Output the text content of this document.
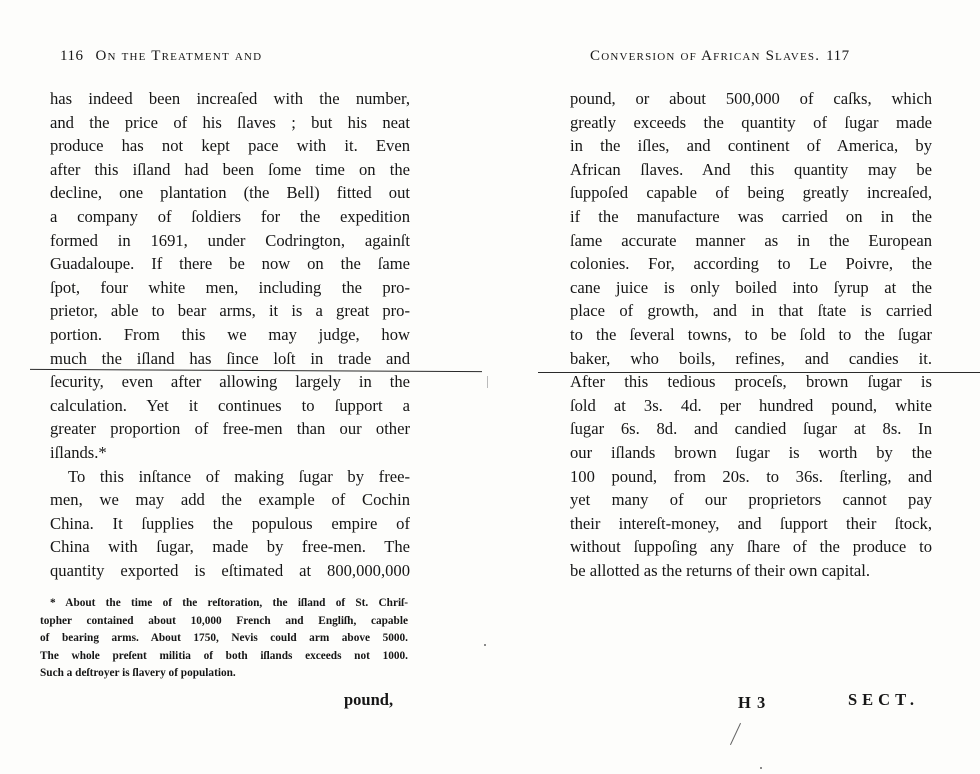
116 On the Treatment and
has indeed been increaſed with the number,
and the price of his ſlaves ; but his neat
produce has not kept pace with it. Even
after this iſland had been ſome time on the
decline, one plantation (the Bell) fitted out
a company of ſoldiers for the expedition
formed in 1691, under Codrington, againſt
Guadaloupe. If there be now on the ſame
ſpot, four white men, including the pro-
prietor, able to bear arms, it is a great pro-
portion. From this we may judge, how
much the iſland has ſince loſt in trade and
ſecurity, even after allowing largely in the
calculation. Yet it continues to ſupport a
greater proportion of free-men than our other
iſlands.*
To this inſtance of making ſugar by free-
men, we may add the example of Cochin
China. It ſupplies the populous empire of
China with ſugar, made by free-men. The
quantity exported is eſtimated at 800,000,000
* About the time of the reſtoration, the iſland of St. Chriſ-
topher contained about 10,000 French and Engliſh, capable
of bearing arms. About 1750, Nevis could arm above 5000.
The whole preſent militia of both iſlands exceeds not 1000.
Such a deſtroyer is ſlavery of population.
pound,
Conversion of African Slaves. 117
pound, or about 500,000 of caſks, which
greatly exceeds the quantity of ſugar made
in the iſles, and continent of America, by
African ſlaves. And this quantity may be
ſuppoſed capable of being greatly increaſed,
if the manufacture was carried on in the
ſame accurate manner as in the European
colonies. For, according to Le Poivre, the
cane juice is only boiled into ſyrup at the
place of growth, and in that ſtate is carried
to the ſeveral towns, to be ſold to the ſugar
baker, who boils, refines, and candies it.
After this tedious proceſs, brown ſugar is
ſold at 3s. 4d. per hundred pound, white
ſugar 6s. 8d. and candied ſugar at 8s. In
our iſlands brown ſugar is worth by the
100 pound, from 20s. to 36s. ſterling, and
yet many of our proprietors cannot pay
their intereſt-money, and ſupport their ſtock,
without ſuppoſing any ſhare of the produce to
be allotted as the returns of their own capital.
H 3	SECT.
